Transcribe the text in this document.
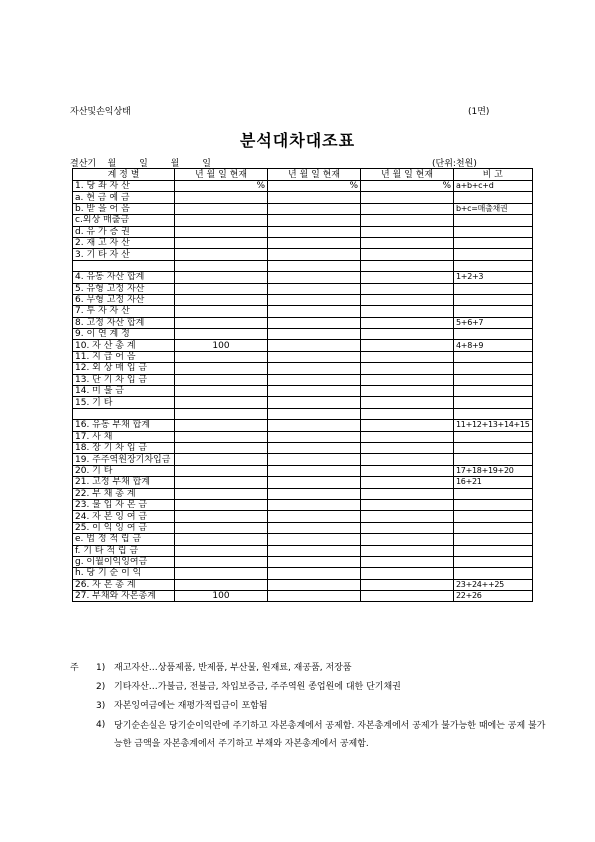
자산및손익상태	(1면)
분석대차대조표
결산기    월        일        월        일	(단위:천원)
계 정 별	년 월 일 현재	년 월 일 현재	년 월 일 현재	비 고
1. 당 좌 자 산	%	%	%	a+b+c+d
a. 현 금 예 금				
b. 받 을 어 음				b+c=매출채권
c.외상 매출금				
d. 유 가 증 권				
2. 재 고 자 산				
3. 기 타 자 산				

4. 유동 자산 합계				1+2+3
5. 유형 고정 자산				
6. 무형 고정 자산				
7. 투 자 자 산				
8. 고정 자산 합계				5+6+7
9. 이 연 계 정				
10. 자 산 총 계	100			4+8+9
11. 지 급 어 음				
12. 외 상 매 입 금				
13. 단 기 차 입 금				
14. 미 불 금				
15. 기 타				

16. 유동 부채 합계				11+12+13+14+15
17. 사 채				
18. 장 기 차 입 금				
19. 주주역원장기차입금				
20. 기 타				17+18+19+20
21. 고정 부채 합계				16+21
22. 부 채 총 계				
23. 불 입 자 본 금				
24. 자 본 잉 여 금				
25. 이 익 잉 여 금				
e. 법 정 적 립 금				
f. 기 타 적 립 금				
g. 이월이익잉여금				
h. 당 기 순 이 익				
26. 자 본 총 계				23+24++25
27. 부채와 자본총계	100			22+26
주 1) 재고자산…상품제품, 반제품, 부산물, 원재료, 재공품, 저장품
2) 기타자산…가불금, 전불금, 차입보증금, 주주역원 종업원에 대한 단기채권
3) 자본잉여금에는 재평가적립금이 포함됨
4) 당기순손실은 당기순이익란에 주기하고 자본총계에서 공제함. 자본총계에서 공제가 불가능한 때에는 공제 불가능한 금액을 자본총계에서 주기하고 부채와 자본총계에서 공제함.
